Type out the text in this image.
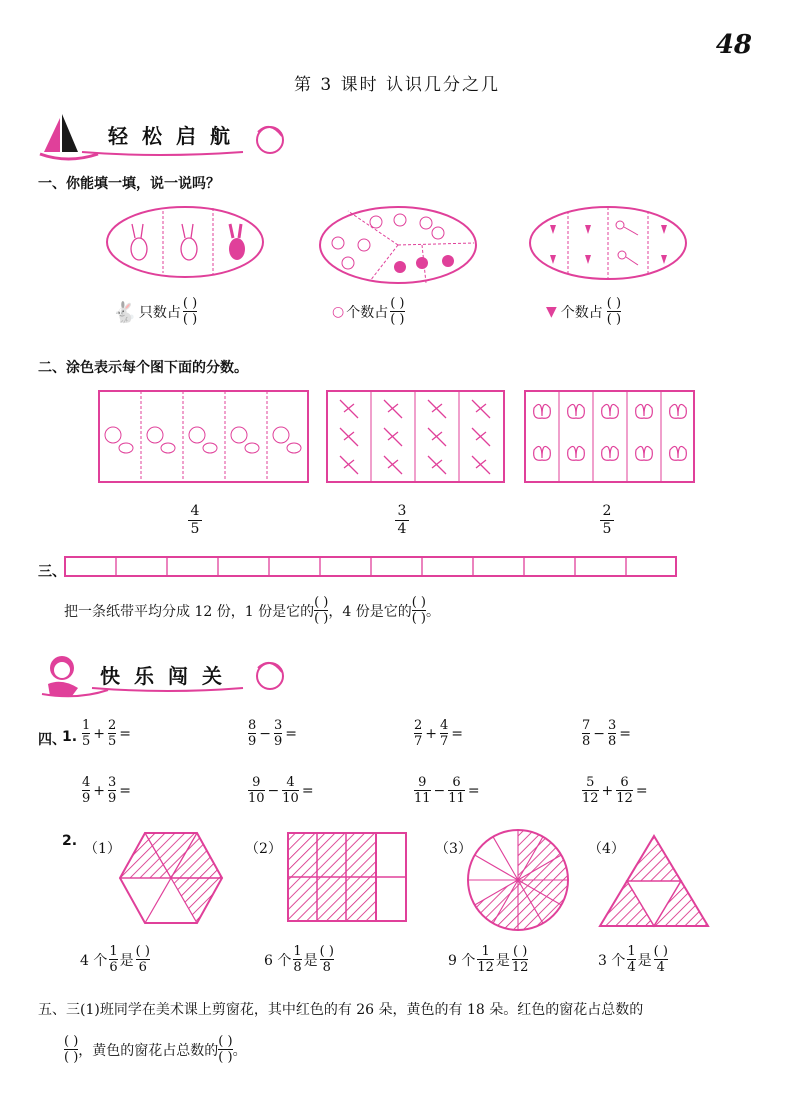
48
第 3 课时 认识几分之几
轻松启航
一、你能填一填，说一说吗？
🐇 只数占 $\frac{( )}{( )}$	○ 个数占 $\frac{( )}{( )}$	▼ 个数占 $\frac{( )}{( )}$
二、涂色表示每个图下面的分数。
4
5
3
4
2
5
三、
把一条纸带平均分成 12 份，1 份是它的 $\frac{( )}{( )}$ ，4 份是它的 $\frac{( )}{( )}$ 。
快乐闯关
四、
1. $\frac{1}{5} + \frac{2}{5}$ =	$\frac{8}{9} - \frac{3}{9}$ =	$\frac{2}{7} + \frac{4}{7}$ =	$\frac{7}{8} - \frac{3}{8}$ =
$\frac{4}{9} + \frac{3}{9}$ =	$\frac{9}{10} - \frac{4}{10}$ =	$\frac{9}{11} - \frac{6}{11}$ =	$\frac{5}{12} + \frac{6}{12}$ =
2. （1）	（2）	（3）	（4）
4 个 $\frac{1}{6}$ 是 $\frac{( )}{6}$	6 个 $\frac{1}{8}$ 是 $\frac{( )}{8}$	9 个 $\frac{1}{12}$ 是 $\frac{( )}{12}$	3 个 $\frac{1}{4}$ 是 $\frac{( )}{4}$
五、三(1)班同学在美术课上剪窗花，其中红色的有 26 朵，黄色的有 18 朵。红色的窗花占总数的
$\frac{( )}{( )}$ ，黄色的窗花占总数的 $\frac{( )}{( )}$ 。
